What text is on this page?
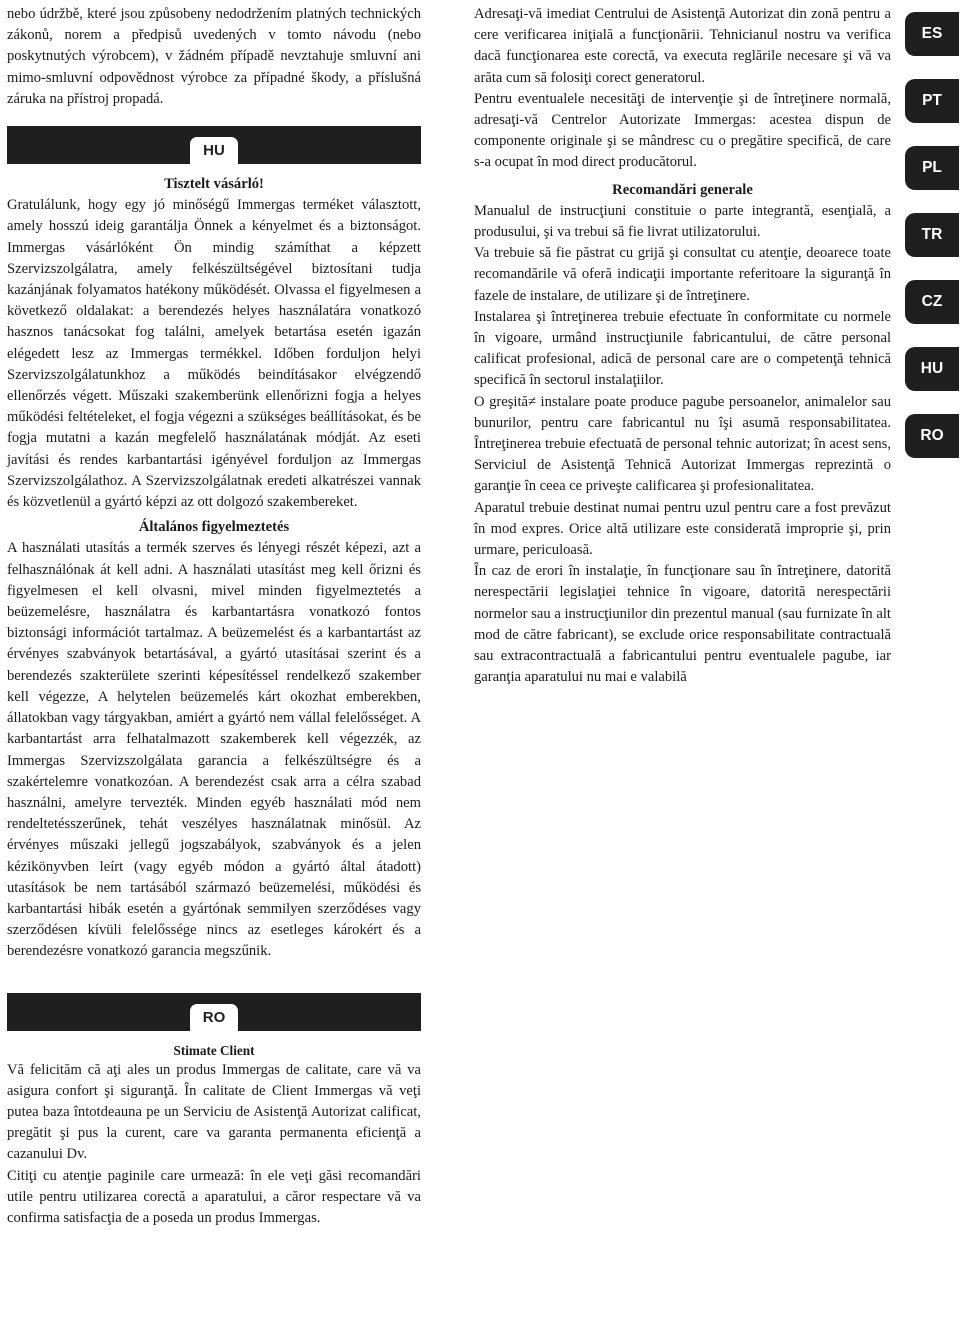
nebo údržbě, které jsou způsobeny nedodržením platných technických zákonů, norem a předpisů uvedených v tomto návodu (nebo poskytnutých výrobcem), v žádném případě nevztahuje smluvní ani mimo-smluvní odpovědnost výrobce za případné škody, a příslušná záruka na přístroj propadá.

HU
Tisztelt vásárló!

Gratulálunk, hogy egy jó minőségű Immergas terméket választott, amely hosszú ideig garantálja Önnek a kényelmet és a biztonságot. Immergas vásárlóként Ön mindig számíthat a képzett Szervizszolgálatra, amely felkészültségével biztosítani tudja kazánjának folyamatos hatékony működését. Olvassa el figyelmesen a következő oldalakat: a berendezés helyes használatára vonatkozó hasznos tanácsokat fog találni, amelyek betartása esetén igazán elégedett lesz az Immergas termékkel. Időben forduljon helyi Szervizszolgálatunkhoz a működés beindításakor elvégzendő ellenőrzés végett. Műszaki szakemberünk ellenőrizni fogja a helyes működési feltételeket, el fogja végezni a szükséges beállításokat, és be fogja mutatni a kazán megfelelő használatának módját. Az eseti javítási és rendes karbantartási igényével forduljon az Immergas Szervizszolgálathoz. A Szervizszolgálatnak eredeti alkatrészei vannak és közvetlenül a gyártó képzi az ott dolgozó szakembereket.

Általános figyelmeztetés

A használati utasítás a termék szerves és lényegi részét képezi, azt a felhasználónak át kell adni. A használati utasítást meg kell őrizni és figyelmesen el kell olvasni, mivel minden figyelmeztetés a beüzemelésre, használatra és karbantartásra vonatkozó fontos biztonsági információt tartalmaz. A beüzemelést és a karbantartást az érvényes szabványok betartásával, a gyártó utasításai szerint és a berendezés szakterülete szerinti képesítéssel rendelkező szakember kell végezze, A helytelen beüzemelés kárt okozhat emberekben, állatokban vagy tárgyakban, amiért a gyártó nem vállal felelősséget. A karbantartást arra felhatalmazott szakemberek kell végezzék, az Immergas Szervizszolgálata garancia a felkészültségre és a szakértelemre vonatkozóan. A berendezést csak arra a célra szabad használni, amelyre tervezték. Minden egyéb használati mód nem rendeltetésszerűnek, tehát veszélyes használatnak minősül. Az érvényes műszaki jellegű jogszabályok, szabványok és a jelen kézikönyvben leírt (vagy egyéb módon a gyártó által átadott) utasítások be nem tartásából származó beüzemelési, működési és karbantartási hibák esetén a gyártónak semmilyen szerződéses vagy szerződésen kívüli felelőssége nincs az esetleges károkért és a berendezésre vonatkozó garancia megszűnik.

RO
Stimate Client

Vă felicităm că aţi ales un produs Immergas de calitate, care vă va asigura confort şi siguranţă. În calitate de Client Immergas vă veţi putea baza întotdeauna pe un Serviciu de Asistenţă Autorizat calificat, pregătit şi pus la curent, care va garanta permanenta eficienţă a cazanului Dv.

Citiţi cu atenţie paginile care urmează: în ele veţi găsi recomandări utile pentru utilizarea corectă a aparatului, a căror respectare vă va confirma satisfacţia de a poseda un produs Immergas.

Adresaţi-vă imediat Centrului de Asistenţă Autorizat din zonă pentru a cere verificarea iniţială a funcţionării. Tehnicianul nostru va verifica dacă funcţionarea este corectă, va executa reglările necesare şi vă va arăta cum să folosiţi corect generatorul.

Pentru eventualele necesităţi de intervenţie şi de întreţinere normală, adresaţi-vă Centrelor Autorizate Immergas: acestea dispun de componente originale şi se mândresc cu o pregătire specifică, de care s-a ocupat în mod direct producătorul.

Recomandări generale

Manualul de instrucţiuni constituie o parte integrantă, esenţială, a produsului, şi va trebui să fie livrat utilizatorului.

Va trebuie să fie păstrat cu grijă şi consultat cu atenţie, deoarece toate recomandările vă oferă indicaţii importante referitoare la siguranţă în fazele de instalare, de utilizare şi de întreţinere.

Instalarea şi întreţinerea trebuie efectuate în conformitate cu normele în vigoare, urmând instrucţiunile fabricantului, de către personal calificat profesional, adică de personal care are o competenţă tehnică specifică în sectorul instalaţiilor.

O greşită≠ instalare poate produce pagube persoanelor, animalelor sau bunurilor, pentru care fabricantul nu îşi asumă responsabilitatea. Întreţinerea trebuie efectuată de personal tehnic autorizat; în acest sens, Serviciul de Asistenţă Tehnică Autorizat Immergas reprezintă o garanţie în ceea ce priveşte calificarea şi profesionalitatea.

Aparatul trebuie destinat numai pentru uzul pentru care a fost prevăzut în mod expres. Orice altă utilizare este considerată improprie şi, prin urmare, periculoasă.

În caz de erori în instalaţie, în funcţionare sau în întreţinere, datorită nerespectării legislaţiei tehnice în vigoare, datorită nerespectării normelor sau a instrucţiunilor din prezentul manual (sau furnizate în alt mod de către fabricant), se exclude orice responsabilitate contractuală sau extracontractuală a fabricantului pentru eventualele pagube, iar garanţia aparatului nu mai e valabilă

ES
PT
PL
TR
CZ
HU
RO
